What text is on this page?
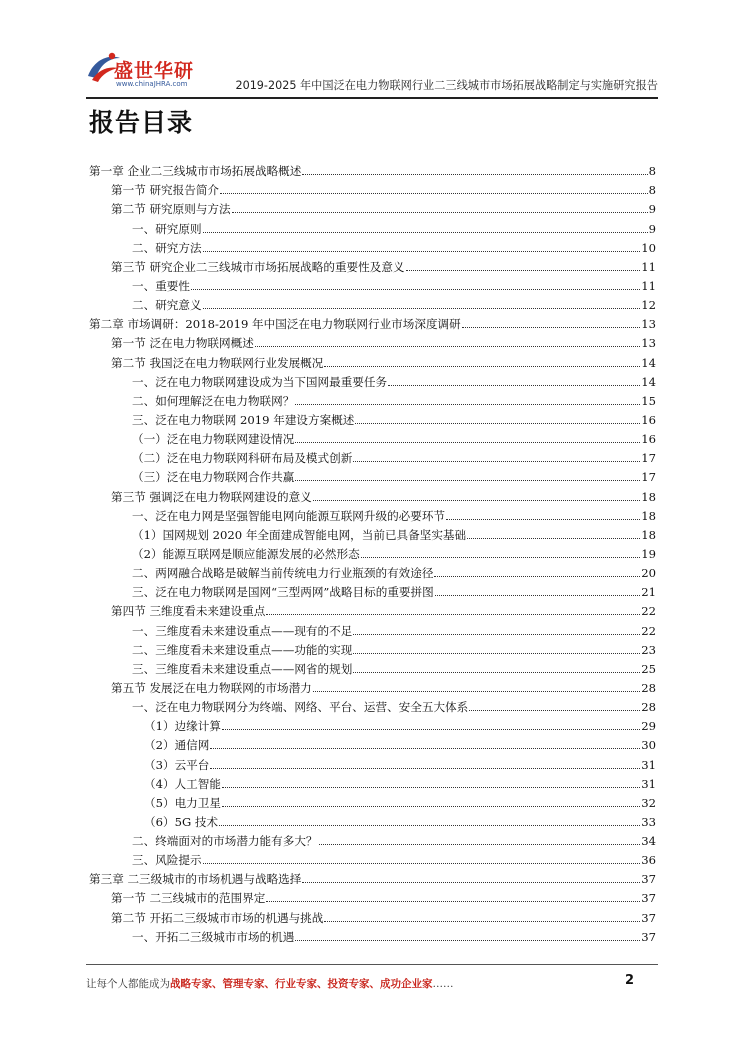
盛世华研
www.chinaJHRA.com	2019-2025 年中国泛在电力物联网行业二三线城市市场拓展战略制定与实施研究报告
报告目录
第一章 企业二三线城市市场拓展战略概述	8
第一节 研究报告简介	8
第二节 研究原则与方法	9
一、研究原则	9
二、研究方法	10
第三节 研究企业二三线城市市场拓展战略的重要性及意义	11
一、重要性	11
二、研究意义	12
第二章 市场调研：2018-2019 年中国泛在电力物联网行业市场深度调研	13
第一节 泛在电力物联网概述	13
第二节 我国泛在电力物联网行业发展概况	14
一、泛在电力物联网建设成为当下国网最重要任务	14
二、如何理解泛在电力物联网？	15
三、泛在电力物联网 2019 年建设方案概述	16
（一）泛在电力物联网建设情况	16
（二）泛在电力物联网科研布局及模式创新	17
（三）泛在电力物联网合作共赢	17
第三节 强调泛在电力物联网建设的意义	18
一、泛在电力网是坚强智能电网向能源互联网升级的必要环节	18
（1）国网规划 2020 年全面建成智能电网，当前已具备坚实基础	18
（2）能源互联网是顺应能源发展的必然形态	19
二、两网融合战略是破解当前传统电力行业瓶颈的有效途径	20
三、泛在电力物联网是国网“三型两网”战略目标的重要拼图	21
第四节 三维度看未来建设重点	22
一、三维度看未来建设重点——现有的不足	22
二、三维度看未来建设重点——功能的实现	23
三、三维度看未来建设重点——网省的规划	25
第五节 发展泛在电力物联网的市场潜力	28
一、泛在电力物联网分为终端、网络、平台、运营、安全五大体系	28
（1）边缘计算	29
（2）通信网	30
（3）云平台	31
（4）人工智能	31
（5）电力卫星	32
（6）5G 技术	33
二、终端面对的市场潜力能有多大？	34
三、风险提示	36
第三章 二三级城市的市场机遇与战略选择	37
第一节 二三线城市的范围界定	37
第二节 开拓二三级城市市场的机遇与挑战	37
一、开拓二三级城市市场的机遇	37
让每个人都能成为战略专家、管理专家、行业专家、投资专家、成功企业家……	2
